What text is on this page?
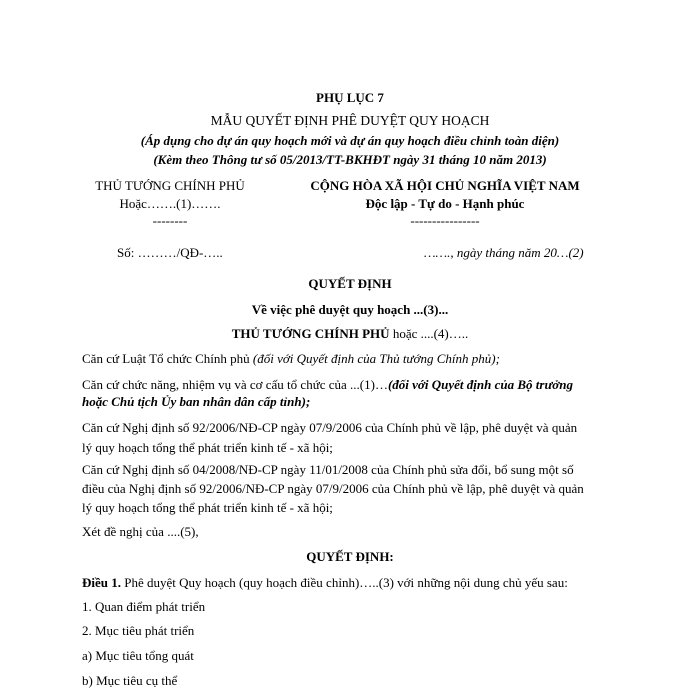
PHỤ LỤC 7
MẪU QUYẾT ĐỊNH PHÊ DUYỆT QUY HOẠCH
(Áp dụng cho dự án quy hoạch mới và dự án quy hoạch điều chỉnh toàn diện)
(Kèm theo Thông tư số 05/2013/TT-BKHĐT ngày 31 tháng 10 năm 2013)
THỦ TƯỚNG CHÍNH PHỦ
Hoặc…….(1)…….
--------
CỘNG HÒA XÃ HỘI CHỦ NGHĨA VIỆT NAM
Độc lập - Tự do - Hạnh phúc
----------------
Số: ………/QĐ-…..	……., ngày tháng năm 20…(2)
QUYẾT ĐỊNH
Về việc phê duyệt quy hoạch ...(3)...
THỦ TƯỚNG CHÍNH PHỦ hoặc ....(4)…..
Căn cứ Luật Tổ chức Chính phủ (đối với Quyết định của Thủ tướng Chính phủ);
Căn cứ chức năng, nhiệm vụ và cơ cấu tổ chức của ...(1)…(đối với Quyết định của Bộ trưởng
hoặc Chủ tịch Ủy ban nhân dân cấp tỉnh);
Căn cứ Nghị định số 92/2006/NĐ-CP ngày 07/9/2006 của Chính phủ về lập, phê duyệt và quản
lý quy hoạch tổng thể phát triển kinh tế - xã hội;
Căn cứ Nghị định số 04/2008/NĐ-CP ngày 11/01/2008 của Chính phủ sửa đổi, bổ sung một số
điều của Nghị định số 92/2006/NĐ-CP ngày 07/9/2006 của Chính phủ về lập, phê duyệt và quản
lý quy hoạch tổng thể phát triển kinh tế - xã hội;
Xét đề nghị của ....(5),
QUYẾT ĐỊNH:
Điều 1. Phê duyệt Quy hoạch (quy hoạch điều chỉnh)…..(3) với những nội dung chủ yếu sau:
1. Quan điểm phát triển
2. Mục tiêu phát triển
a) Mục tiêu tổng quát
b) Mục tiêu cụ thể
